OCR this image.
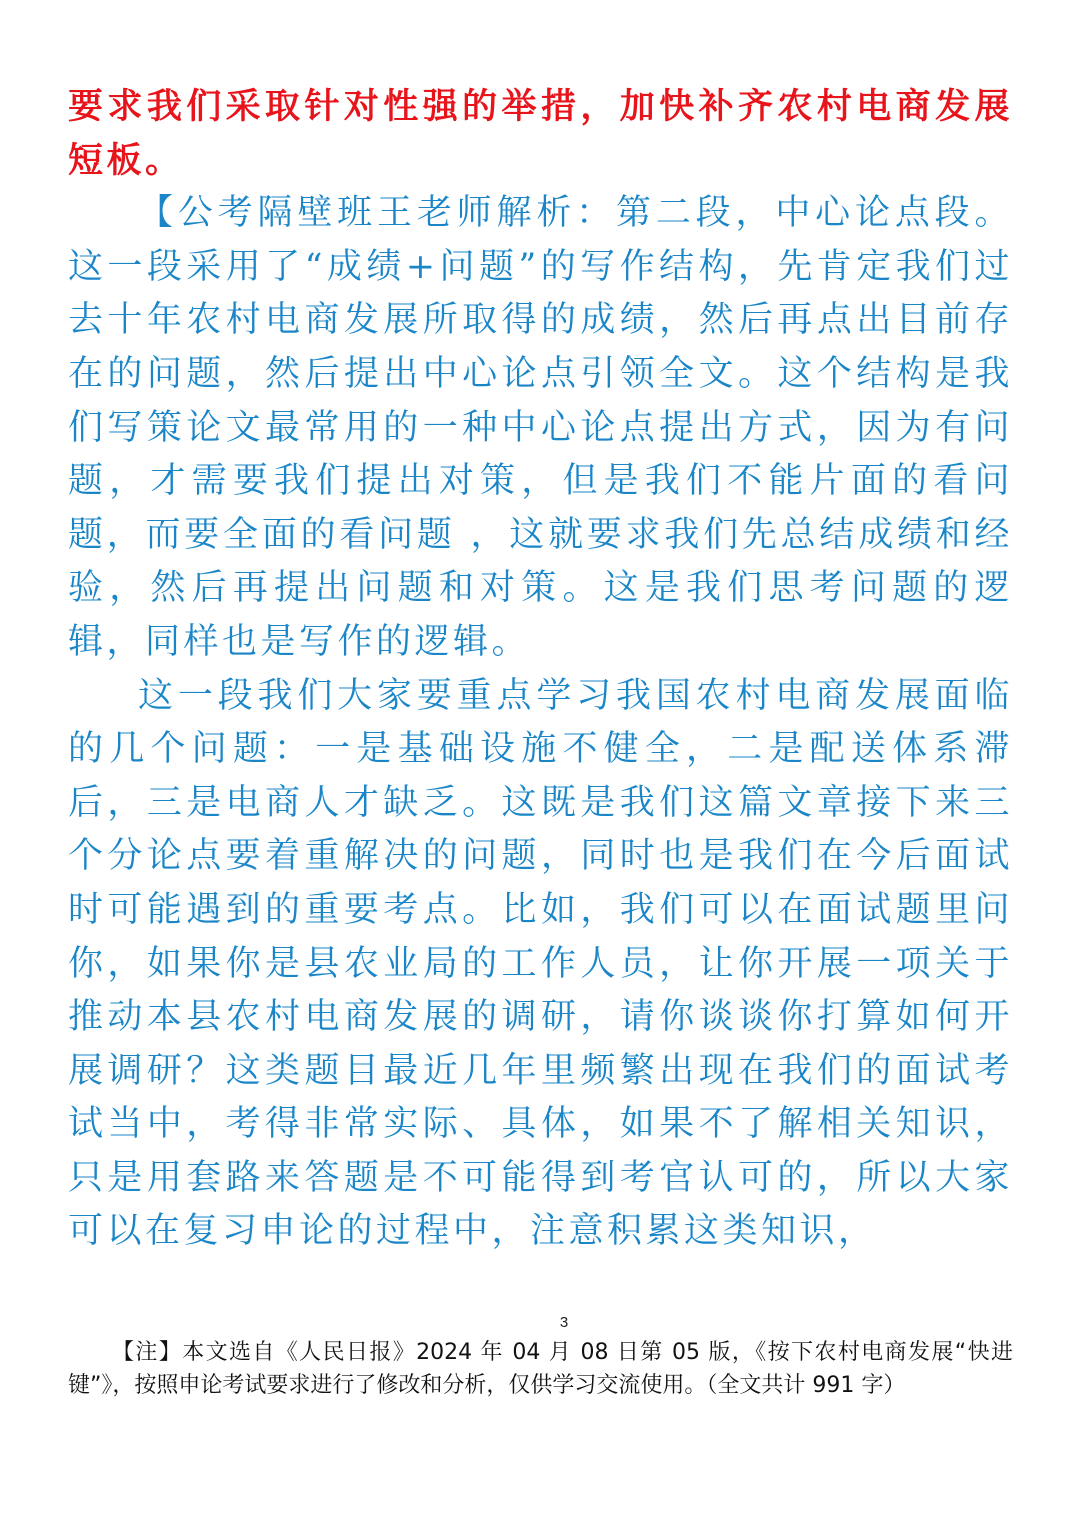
要求我们采取针对性强的举措，加快补齐农村电商发展短板。

【公考隔壁班王老师解析：第二段，中心论点段。这一段采用了“成绩+问题”的写作结构，先肯定我们过去十年农村电商发展所取得的成绩，然后再点出目前存在的问题，然后提出中心论点引领全文。这个结构是我们写策论文最常用的一种中心论点提出方式，因为有问题，才需要我们提出对策，但是我们不能片面的看问题，而要全面的看问题 ，这就要求我们先总结成绩和经验，然后再提出问题和对策。这是我们思考问题的逻辑，同样也是写作的逻辑。

这一段我们大家要重点学习我国农村电商发展面临的几个问题：一是基础设施不健全，二是配送体系滞后，三是电商人才缺乏。这既是我们这篇文章接下来三个分论点要着重解决的问题，同时也是我们在今后面试时可能遇到的重要考点。比如，我们可以在面试题里问你，如果你是县农业局的工作人员，让你开展一项关于推动本县农村电商发展的调研，请你谈谈你打算如何开展调研？这类题目最近几年里频繁出现在我们的面试考试当中，考得非常实际、具体，如果不了解相关知识，只是用套路来答题是不可能得到考官认可的，所以大家可以在复习申论的过程中，注意积累这类知识，

3

【注】本文选自《人民日报》2024 年 04 月 08 日第 05 版，《按下农村电商发展“快进键”》，按照申论考试要求进行了修改和分析，仅供学习交流使用。（全文共计 991 字）
